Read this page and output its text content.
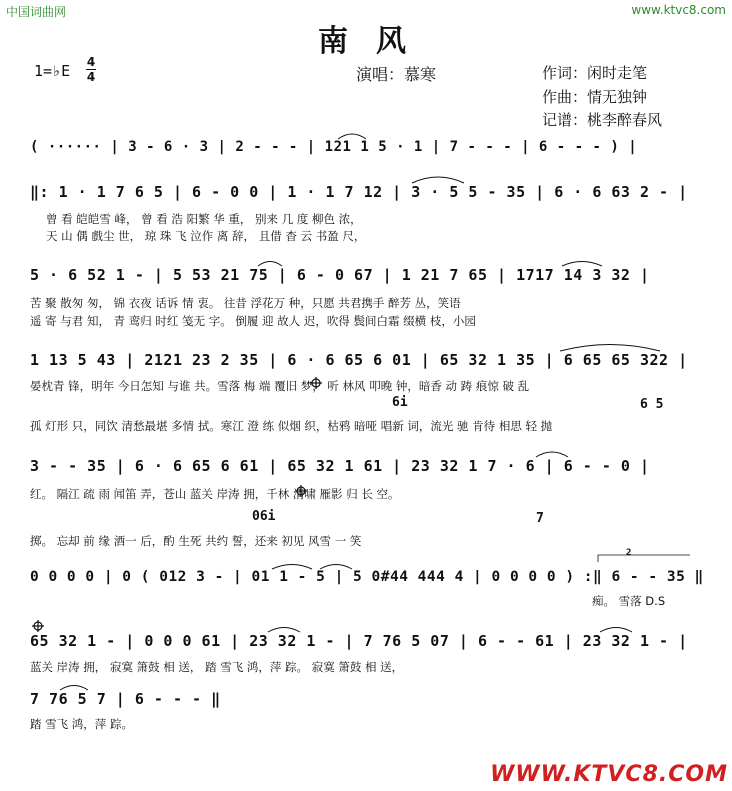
中国词曲网	www.ktvc8.com
南风
1=♭E 4
4	演唱：慕寒	作词：闲时走笔
作曲：情无独钟
记谱：桃李醉春风
( ······ | 3 - 6 · 3 | 2 - - - | 121 1 5 · 1 | 7 - - - | 6 - - - ) |
‖: 1 · 1 7 6 5 | 6 - 0 0 | 1 · 1 7 12 | 3 · 5 5 - 35 | 6 · 6 63 2 - |
曾 看 皑皑雪 峰， 曾 看 浩 阳繁 华 重， 别来 几 度 柳色 浓，
天 山 偶 戲尘 世， 琼 珠 飞 泣作 离 辞， 且借 杳 云 书盈 尺，
5 · 6 52 1 - | 5 53 21 75 | 6 - 0 67 | 1 21 7 65 | 1717 14 3 32 |
苦 聚 散匆 匆， 锦 衣夜 话诉 情 衷。 往昔 浮花万 种，只愿 共君携手 醉芳 丛，笑语
遥 寄 与君 知， 青 鸾归 时红 笺无 字。 倒履 迎 故人 迟，吹得 鬓间白霜 缀横 枝，小园
1 13 5 43 | 2121 23 2 35 | 6 · 6 65 6 01 | 65 32 1 35 | 6 65 65 322 |
晏枕青 锋，明年 今日怎知 与谁 共。雪落 梅 端 覆旧 梦， 听 林风 叩晚 钟，暗香 动 踌 痕惊 破 乱
6i	6 5
孤 灯形 只，同饮 清愁最堪 多情 拭。寒江 澄 练 似烟 织，枯鸦 暗哑 唱新 词，流光 驰 肯待 相思 轻 抛
3 - - 35 | 6 · 6 65 6 61 | 65 32 1 61 | 23 32 1 7 · 6 | 6 - - 0 |
红。 隔江 疏 雨 闻笛 弄，苍山 蓝关 岸涛 拥，千林 清啸 雁影 归 长 空。
06i	7
掷。 忘却 前 缘 酒一 后，酌 生死 共约 誓，还来 初见 风雪 一 笑
2
0 0 0 0 | 0 ( 012 3 - | 01 1 - 5 | 5 0#44 444 4 | 0 0 0 0 ) :‖ 6 - - 35 ‖
痴。 雪落 D.S
65 32 1 - | 0 0 0 61 | 23 32 1 - | 7 76 5 07 | 6 - - 61 | 23 32 1 - |
蓝关 岸涛 拥， 寂寞 箫鼓 相 送， 踏 雪飞 鸿，萍 踪。 寂寞 箫鼓 相 送，
7 76 5 7 | 6 - - - ‖
踏 雪飞 鸿，萍 踪。
WWW.KTVC8.COM
